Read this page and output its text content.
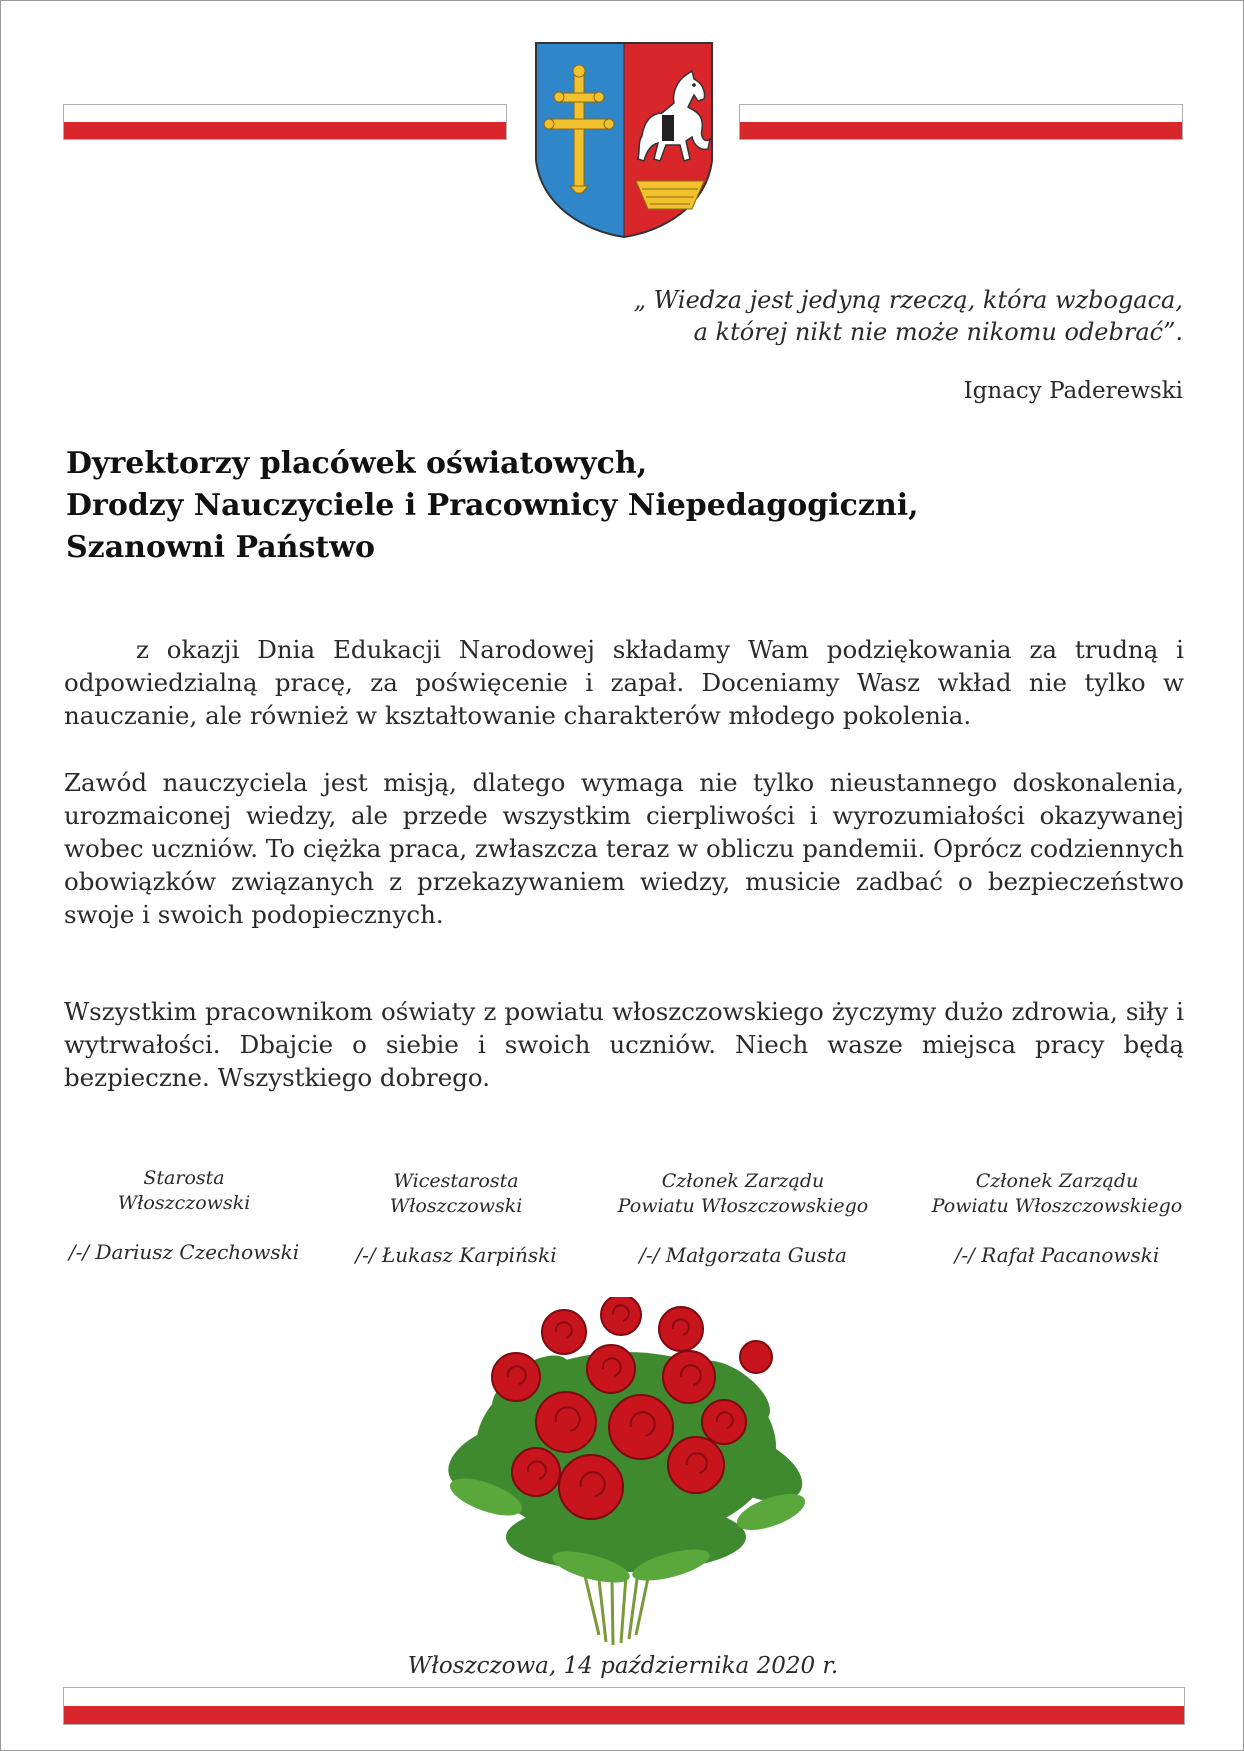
„ Wiedza jest jedyną rzeczą, która wzbogaca,
a której nikt nie może nikomu odebrać”.
Ignacy Paderewski
Dyrektorzy placówek oświatowych,
Drodzy Nauczyciele i Pracownicy Niepedagogiczni,
Szanowni Państwo
z okazji Dnia Edukacji Narodowej składamy Wam podziękowania za trudną i odpowiedzialną pracę, za poświęcenie i zapał. Doceniamy Wasz wkład nie tylko w nauczanie, ale również w kształtowanie charakterów młodego pokolenia.
Zawód nauczyciela jest misją, dlatego wymaga nie tylko nieustannego doskonalenia, urozmaiconej wiedzy, ale przede wszystkim cierpliwości i wyrozumiałości okazywanej wobec uczniów. To ciężka praca, zwłaszcza teraz w obliczu pandemii. Oprócz codziennych obowiązków związanych z przekazywaniem wiedzy, musicie zadbać o bezpieczeństwo swoje i swoich podopiecznych.
Wszystkim pracownikom oświaty z powiatu włoszczowskiego życzymy dużo zdrowia, siły i wytrwałości. Dbajcie o siebie i swoich uczniów. Niech wasze miejsca pracy będą bezpieczne. Wszystkiego dobrego.
Starosta
Włoszczowski
/-/ Dariusz Czechowski
Wicestarosta
Włoszczowski
/-/ Łukasz Karpiński
Członek Zarządu
Powiatu Włoszczowskiego
/-/ Małgorzata Gusta
Członek Zarządu
Powiatu Włoszczowskiego
/-/ Rafał Pacanowski
Włoszczowa, 14 października 2020 r.
